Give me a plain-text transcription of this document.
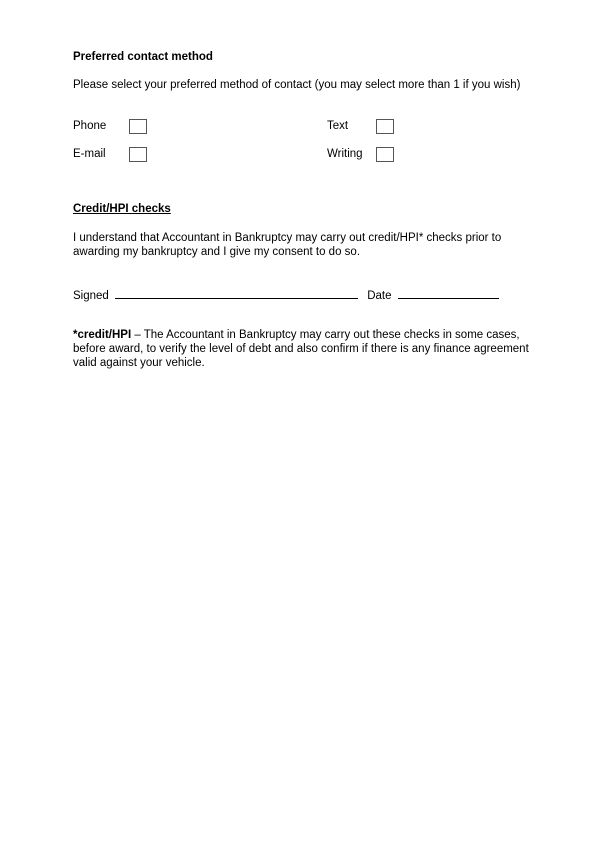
Preferred contact method
Please select your preferred method of contact (you may select more than 1 if you wish)
Phone	Text
E-mail	Writing
Credit/HPI checks
I understand that Accountant in Bankruptcy may carry out credit/HPI* checks prior to awarding my bankruptcy and I give my consent to do so.
Signed	Date
*credit/HPI – The Accountant in Bankruptcy may carry out these checks in some cases, before award, to verify the level of debt and also confirm if there is any finance agreement valid against your vehicle.
